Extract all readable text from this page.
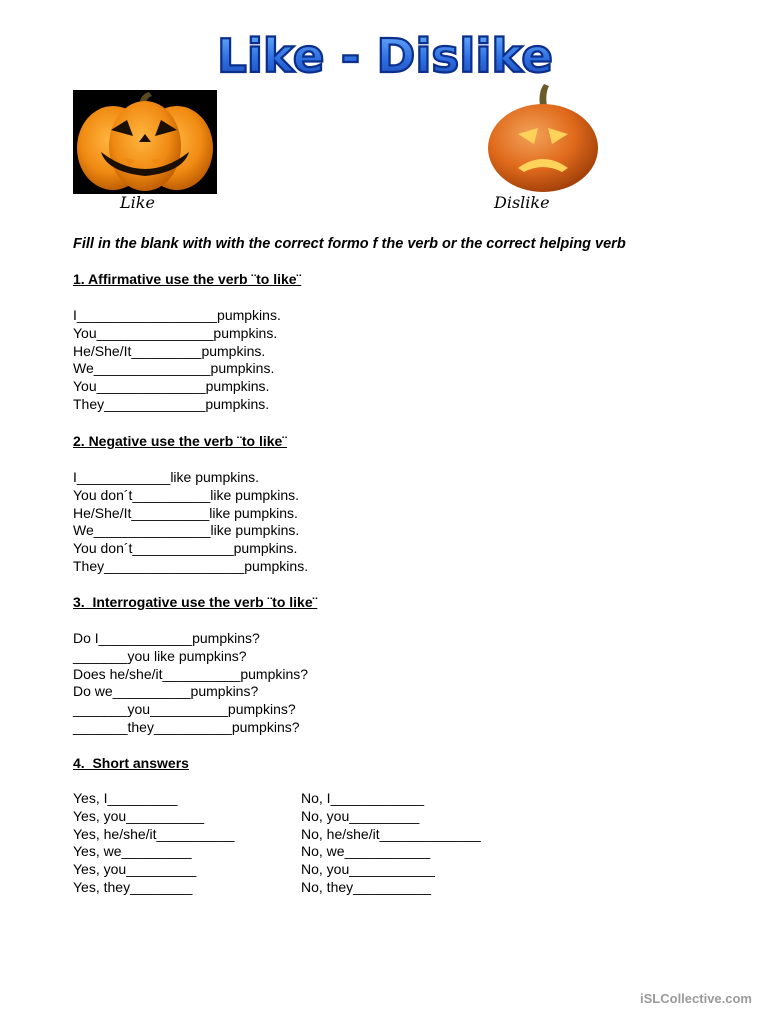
Like - Dislike
Like	Dislike
Fill in the blank with with the correct formo f the verb or the correct helping verb
1. Affirmative use the verb ¨to like¨
I__________________pumpkins.
You_______________pumpkins.
He/She/It_________pumpkins.
We_______________pumpkins.
You______________pumpkins.
They_____________pumpkins.
2. Negative use the verb ¨to like¨
I____________like pumpkins.
You don´t__________like pumpkins.
He/She/It__________like pumpkins.
We_______________like pumpkins.
You don´t_____________pumpkins.
They__________________pumpkins.
3.  Interrogative use the verb ¨to like¨
Do I____________pumpkins?
_______you like pumpkins?
Does he/she/it__________pumpkins?
Do we__________pumpkins?
_______you__________pumpkins?
_______they__________pumpkins?
4.  Short answers
Yes, I_________
Yes, you__________
Yes, he/she/it__________
Yes, we_________
Yes, you_________
Yes, they________
No, I____________
No, you_________
No, he/she/it_____________
No, we___________
No, you___________
No, they__________
iSLCollective.com
